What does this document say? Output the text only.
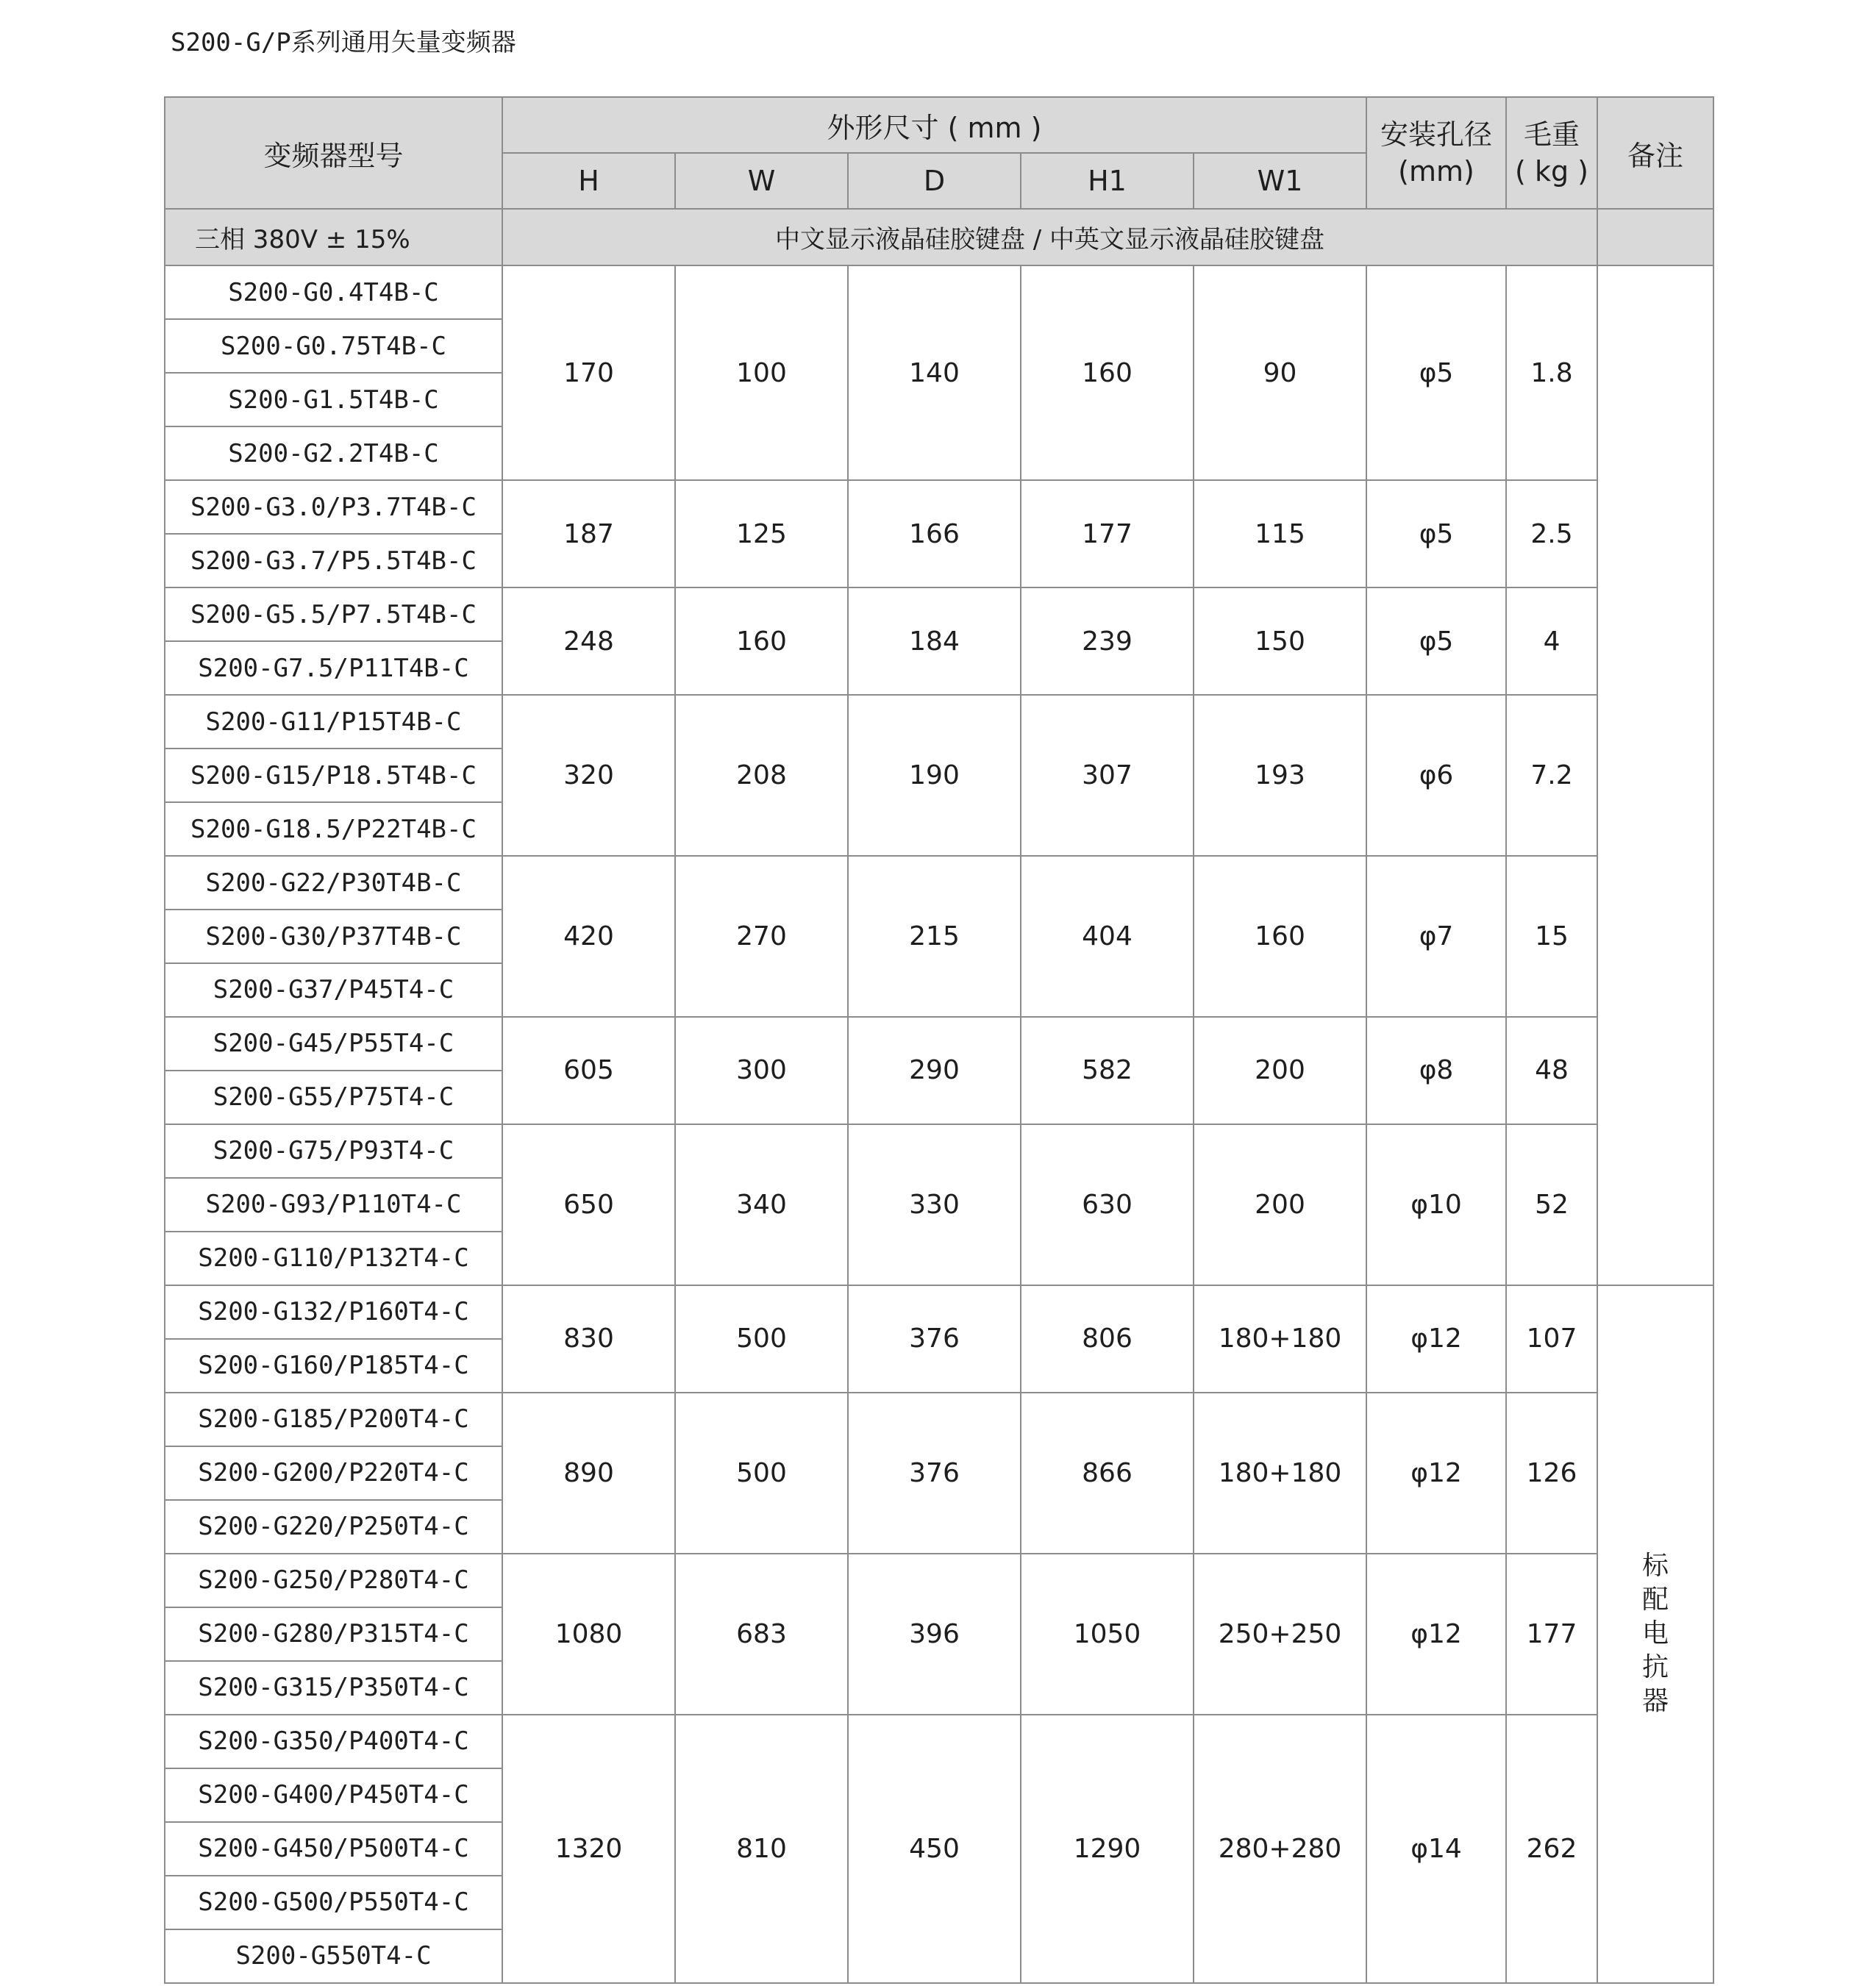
S200-G/P系列通用矢量变频器
变频器型号	外形尺寸 ( mm )					安装孔径 (mm)	毛重 ( kg )	备注
	H	W	D	H1	W1			
三相 380V ± 15%	中文显示液晶硅胶键盘 / 中英文显示液晶硅胶键盘							
S200-G0.4T4B-C	170	100	140	160	90	φ5	1.8	
S200-G0.75T4B-C								
S200-G1.5T4B-C								
S200-G2.2T4B-C								
S200-G3.0/P3.7T4B-C	187	125	166	177	115	φ5	2.5	
S200-G3.7/P5.5T4B-C								
S200-G5.5/P7.5T4B-C	248	160	184	239	150	φ5	4	
S200-G7.5/P11T4B-C								
S200-G11/P15T4B-C	320	208	190	307	193	φ6	7.2	
S200-G15/P18.5T4B-C								
S200-G18.5/P22T4B-C								
S200-G22/P30T4B-C	420	270	215	404	160	φ7	15	
S200-G30/P37T4B-C								
S200-G37/P45T4-C								
S200-G45/P55T4-C	605	300	290	582	200	φ8	48	
S200-G55/P75T4-C								
S200-G75/P93T4-C	650	340	330	630	200	φ10	52	
S200-G93/P110T4-C								
S200-G110/P132T4-C								
S200-G132/P160T4-C	830	500	376	806	180+180	φ12	107	标配电抗器
S200-G160/P185T4-C								
S200-G185/P200T4-C	890	500	376	866	180+180	φ12	126	
S200-G200/P220T4-C								
S200-G220/P250T4-C								
S200-G250/P280T4-C	1080	683	396	1050	250+250	φ12	177	
S200-G280/P315T4-C								
S200-G315/P350T4-C								
S200-G350/P400T4-C	1320	810	450	1290	280+280	φ14	262	
S200-G400/P450T4-C								
S200-G450/P500T4-C								
S200-G500/P550T4-C								
S200-G550T4-C								
